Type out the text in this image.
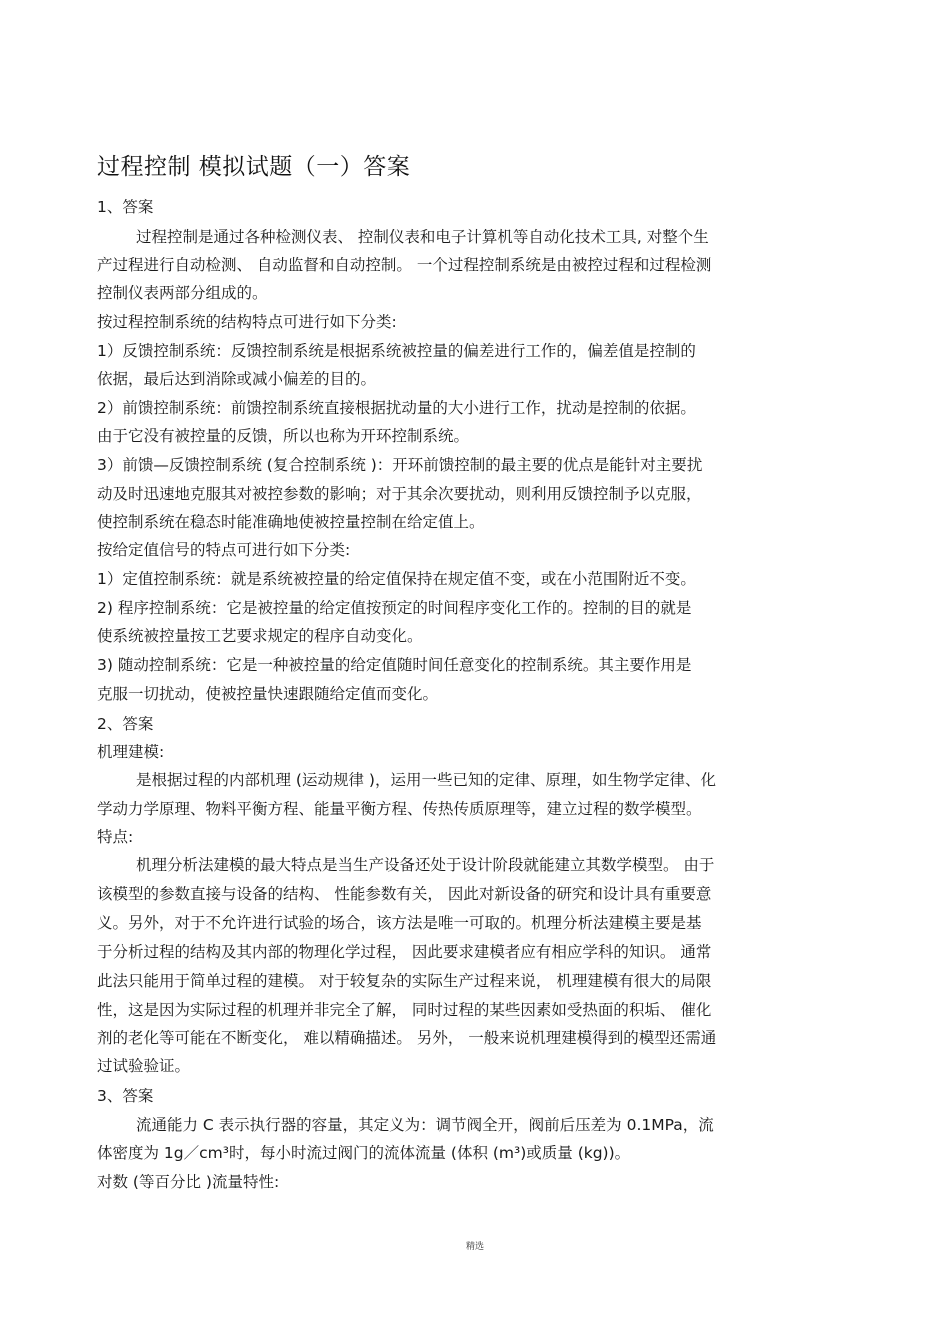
过程控制 模拟试题（一）答案
1、答案
过程控制是通过各种检测仪表、 控制仪表和电子计算机等自动化技术工具, 对整个生
产过程进行自动检测、 自动监督和自动控制。 一个过程控制系统是由被控过程和过程检测
控制仪表两部分组成的。
按过程控制系统的结构特点可进行如下分类:
1）反馈控制系统：反馈控制系统是根据系统被控量的偏差进行工作的，偏差值是控制的
依据，最后达到消除或减小偏差的目的。
2）前馈控制系统：前馈控制系统直接根据扰动量的大小进行工作，扰动是控制的依据。
由于它没有被控量的反馈，所以也称为开环控制系统。
3）前馈—反馈控制系统 (复合控制系统 )：开环前馈控制的最主要的优点是能针对主要扰
动及时迅速地克服其对被控参数的影响；对于其余次要扰动，则利用反馈控制予以克服，
使控制系统在稳态时能准确地使被控量控制在给定值上。
按给定值信号的特点可进行如下分类:
1）定值控制系统：就是系统被控量的给定值保持在规定值不变，或在小范围附近不变。
2) 程序控制系统：它是被控量的给定值按预定的时间程序变化工作的。控制的目的就是
使系统被控量按工艺要求规定的程序自动变化。
3) 随动控制系统：它是一种被控量的给定值随时间任意变化的控制系统。其主要作用是
克服一切扰动，使被控量快速跟随给定值而变化。
2、答案
机理建模:
是根据过程的内部机理 (运动规律 )，运用一些已知的定律、原理，如生物学定律、化
学动力学原理、物料平衡方程、能量平衡方程、传热传质原理等，建立过程的数学模型。
特点:
机理分析法建模的最大特点是当生产设备还处于设计阶段就能建立其数学模型。 由于
该模型的参数直接与设备的结构、 性能参数有关， 因此对新设备的研究和设计具有重要意
义。另外，对于不允许进行试验的场合，该方法是唯一可取的。机理分析法建模主要是基
于分析过程的结构及其内部的物理化学过程， 因此要求建模者应有相应学科的知识。 通常
此法只能用于简单过程的建模。 对于较复杂的实际生产过程来说， 机理建模有很大的局限
性，这是因为实际过程的机理并非完全了解， 同时过程的某些因素如受热面的积垢、 催化
剂的老化等可能在不断变化， 难以精确描述。 另外， 一般来说机理建模得到的模型还需通
过试验验证。
3、答案
流通能力 C 表示执行器的容量，其定义为：调节阀全开，阀前后压差为 0.1MPa，流
体密度为 1g／cm³时，每小时流过阀门的流体流量 (体积 (m³)或质量 (kg))。
对数 (等百分比 )流量特性:
精选
